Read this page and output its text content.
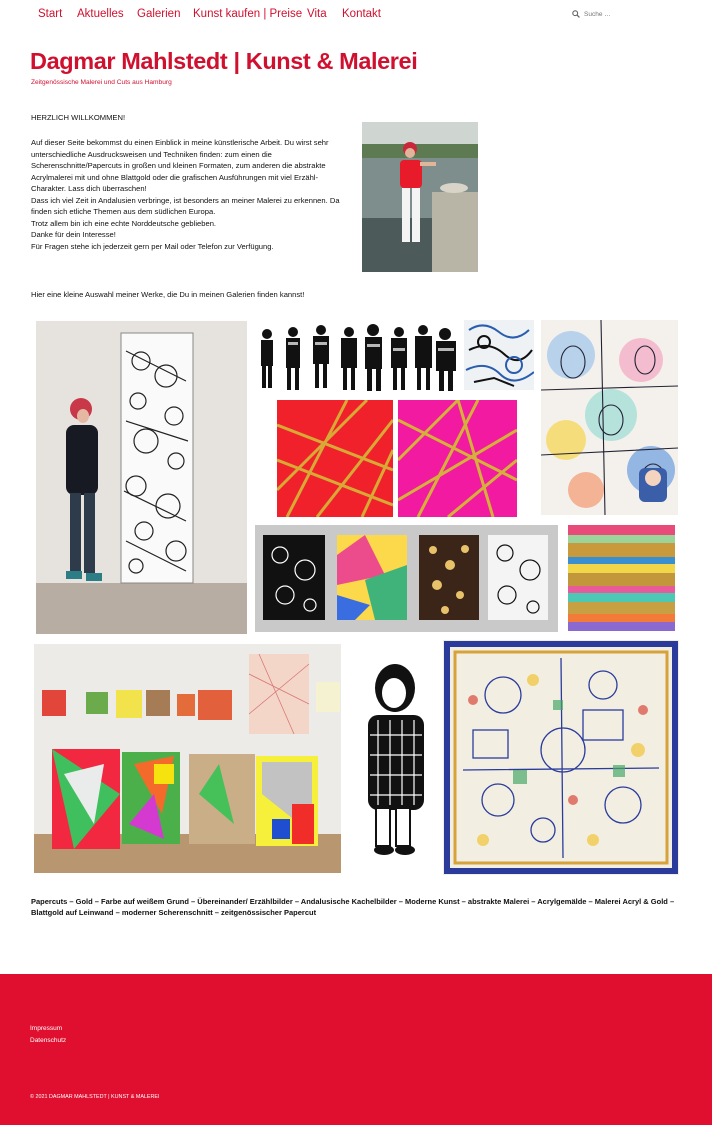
Start Aktuelles Galerien Kunst kaufen | Preise Vita Kontakt
Suche …
Dagmar Mahlstedt | Kunst & Malerei
Zeitgenössische Malerei und Cuts aus Hamburg
HERZLICH WILLKOMMEN!

Auf dieser Seite bekommst du einen Einblick in meine künstlerische Arbeit. Du wirst sehr unterschiedliche Ausdrucksweisen und Techniken finden: zum einen die Scherenschnitte/Papercuts in großen und kleinen Formaten, zum anderen die abstrakte Acrylmalerei mit und ohne Blattgold oder die grafischen Ausführungen mit viel Erzähl-Charakter. Lass dich überraschen!

Dass ich viel Zeit in Andalusien verbringe, ist besonders an meiner Malerei zu erkennen. Da finden sich etliche Themen aus dem südlichen Europa.

Trotz allem bin ich eine echte Norddeutsche geblieben.

Danke für dein Interesse!

Für Fragen stehe ich jederzeit gern per Mail oder Telefon zur Verfügung.

Hier eine kleine Auswahl meiner Werke, die Du in meinen Galerien finden kannst!
Papercuts – Gold – Farbe auf weißem Grund – Übereinander/ Erzählbilder – Andalusische Kachelbilder – Moderne Kunst – abstrakte Malerei – Acrylgemälde – Malerei Acryl & Gold – Blattgold auf Leinwand – moderner Scherenschnitt – zeitgenössischer Papercut
Impressum
Datenschutz
© 2021 DAGMAR MAHLSTEDT | KUNST & MALEREI
